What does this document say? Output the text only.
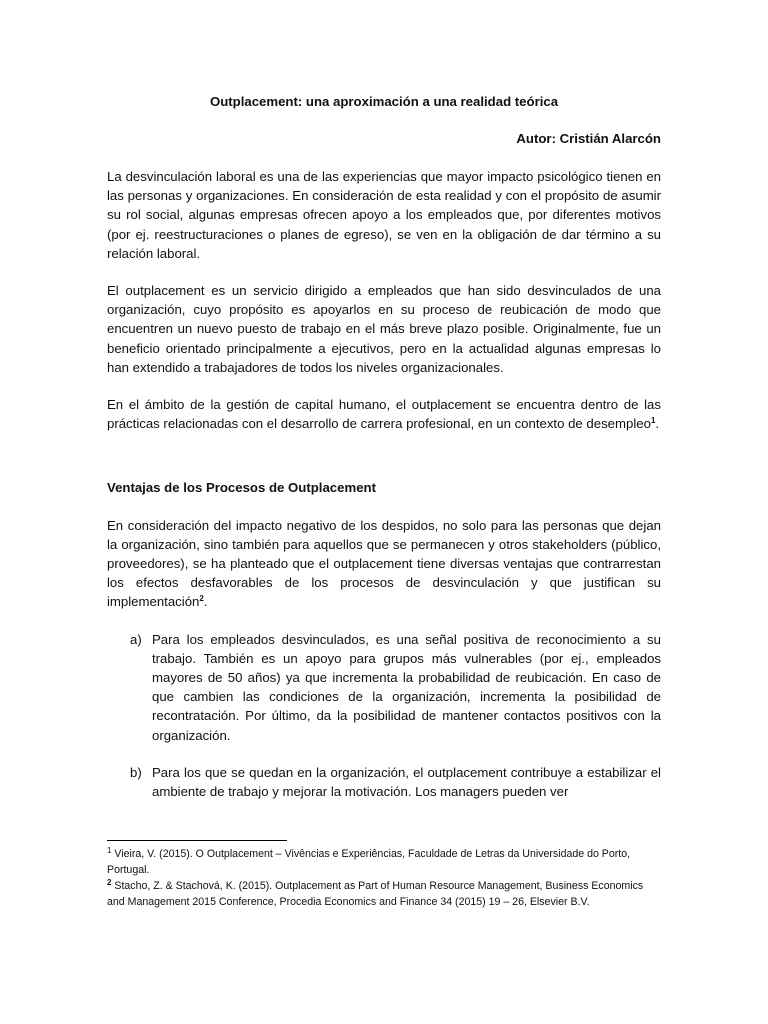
Outplacement: una aproximación a una realidad teórica
Autor: Cristián Alarcón

La desvinculación laboral es una de las experiencias que mayor impacto psicológico tienen en las personas y organizaciones. En consideración de esta realidad y con el propósito de asumir su rol social, algunas empresas ofrecen apoyo a los empleados que, por diferentes motivos (por ej. reestructuraciones o planes de egreso), se ven en la obligación de dar término a su relación laboral.

El outplacement es un servicio dirigido a empleados que han sido desvinculados de una organización, cuyo propósito es apoyarlos en su proceso de reubicación de modo que encuentren un nuevo puesto de trabajo en el más breve plazo posible. Originalmente, fue un beneficio orientado principalmente a ejecutivos, pero en la actualidad algunas empresas lo han extendido a trabajadores de todos los niveles organizacionales.

En el ámbito de la gestión de capital humano, el outplacement se encuentra dentro de las prácticas relacionadas con el desarrollo de carrera profesional, en un contexto de desempleo$^1$.

Ventajas de los Procesos de Outplacement

En consideración del impacto negativo de los despidos, no solo para las personas que dejan la organización, sino también para aquellos que se permanecen y otros stakeholders (público, proveedores), se ha planteado que el outplacement tiene diversas ventajas que contrarrestan los efectos desfavorables de los procesos de desvinculación y que justifican su implementación$^2$.

a) Para los empleados desvinculados, es una señal positiva de reconocimiento a su trabajo. También es un apoyo para grupos más vulnerables (por ej., empleados mayores de 50 años) ya que incrementa la probabilidad de reubicación. En caso de que cambien las condiciones de la organización, incrementa la posibilidad de recontratación. Por último, da la posibilidad de mantener contactos positivos con la organización.
b) Para los que se quedan en la organización, el outplacement contribuye a estabilizar el ambiente de trabajo y mejorar la motivación. Los managers pueden ver

$^1$ Vieira, V. (2015). O Outplacement – Vivências e Experiências, Faculdade de Letras da Universidade do Porto, Portugal.

$^2$ Stacho, Z. & Stachová, K. (2015). Outplacement as Part of Human Resource Management, Business Economics and Management 2015 Conference, Procedia Economics and Finance 34 (2015) 19 – 26, Elsevier B.V.
